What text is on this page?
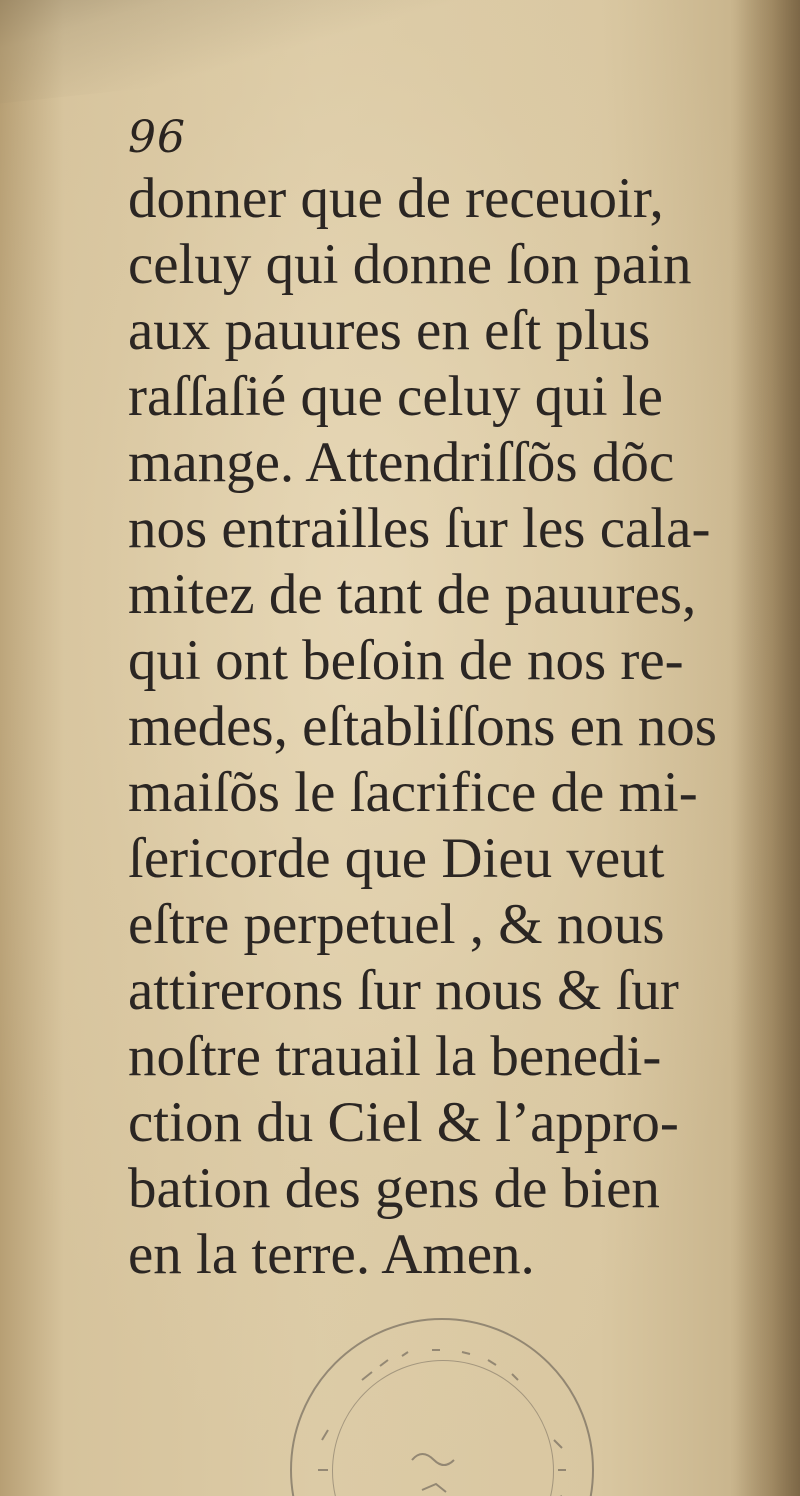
96

donner que de receuoir,
celuy qui donne ſon pain
aux pauures en eſt plus
raſſaſié que celuy qui le
mange. Attendriſſõs dõc
nos entrailles ſur les cala-
mitez de tant de pauures,
qui ont beſoin de nos re-
medes, eſtabliſſons en nos
maiſõs le ſacrifice de mi-
ſericorde que Dieu veut
eſtre perpetuel , & nous
attirerons ſur nous & ſur
noſtre trauail la benedi-
ction du Ciel & l’appro-
bation des gens de bien
en la terre. Amen.
